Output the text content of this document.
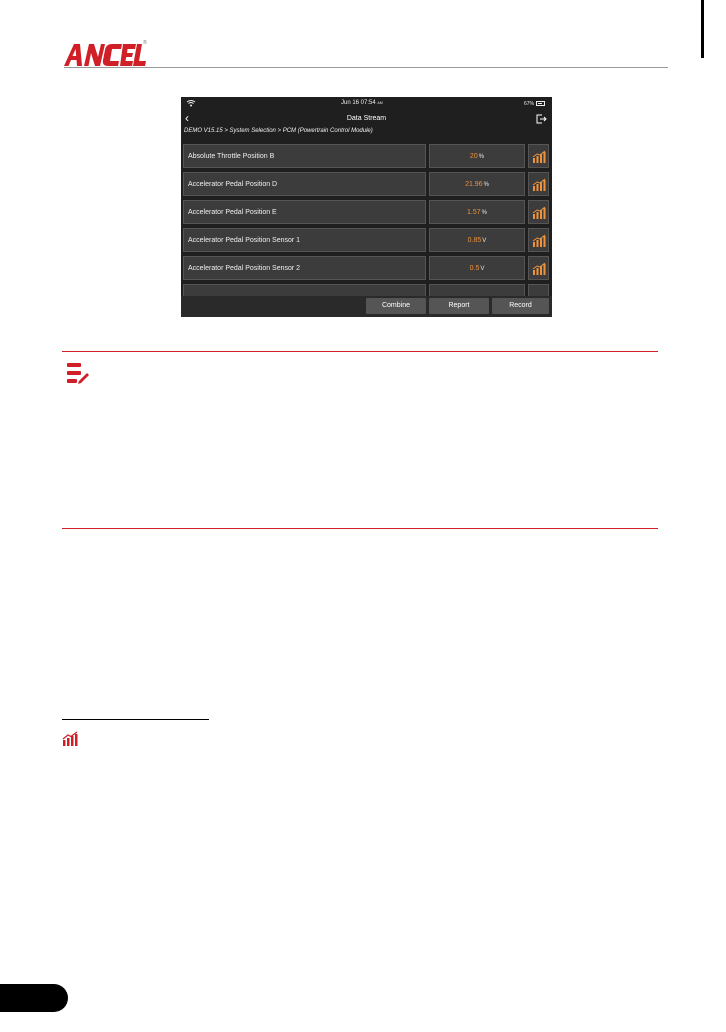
®
Jun 16 07:54 AM	67%
‹	Data Stream
DEMO V15.15 > System Selection > PCM (Powertrain Control Module)
Absolute Throttle Position B	20%
Accelerator Pedal Position D	21.96%
Accelerator Pedal Position E	1.57%
Accelerator Pedal Position Sensor 1	0.85V
Accelerator Pedal Position Sensor 2	0.5V
Combine	Report	Record
